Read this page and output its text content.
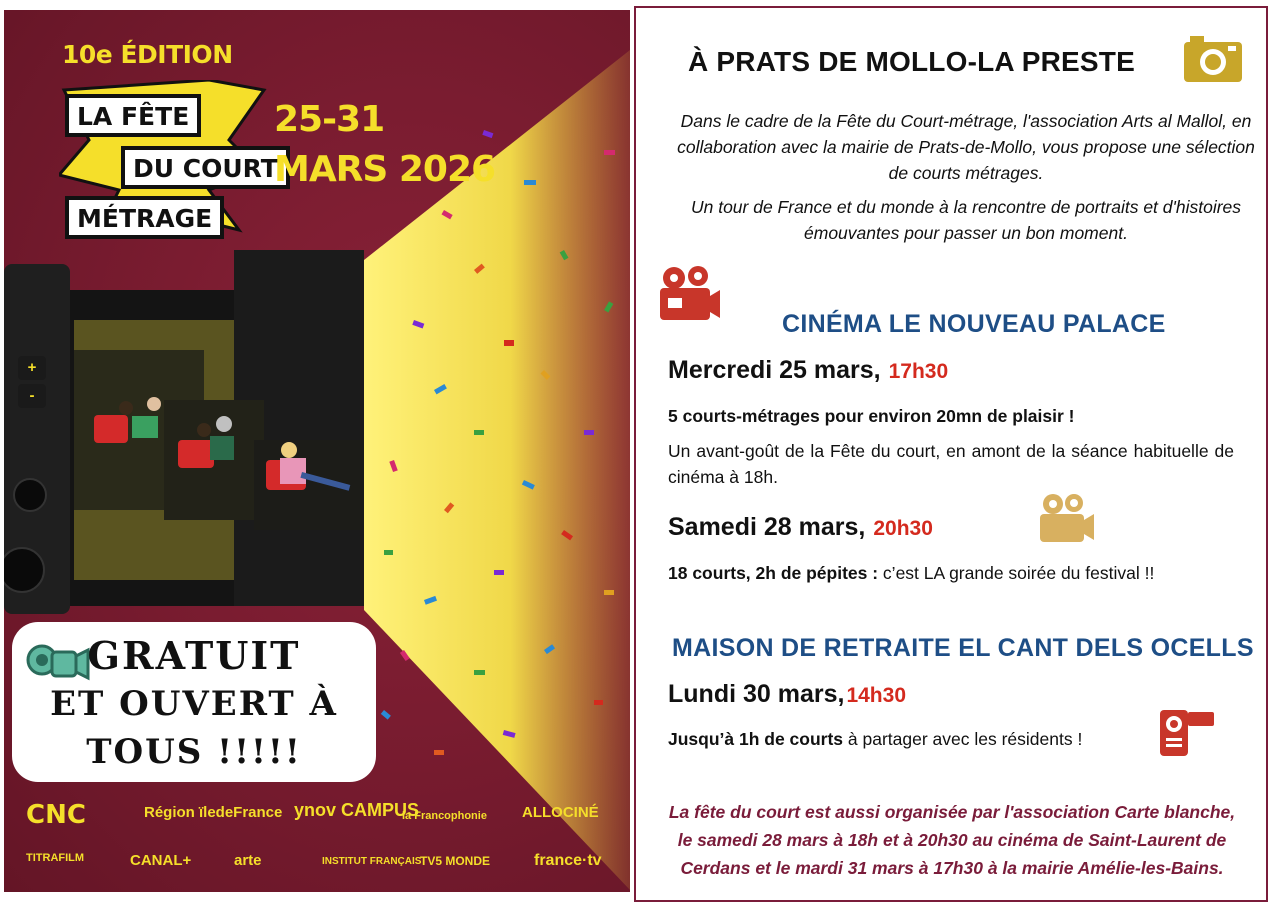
10e ÉDITION
LA FÊTE
DU COURT
MÉTRAGE
25-31
MARS 2026
+
-
GRATUIT
ET OUVERT À
TOUS !!!!!
CNC	Région ïledeFrance ynov CAMPUS
la Francophonie ALLOCINÉ
TITRAFILM	CANAL+	arte	INSTITUT FRANÇAIS
TV5 MONDE	france·tv
À PRATS DE MOLLO-LA PRESTE

Dans le cadre de la Fête du Court-métrage, l'association Arts al Mallol, en collaboration avec la mairie de Prats-de-Mollo, vous propose une sélection de courts métrages.

Un tour de France et du monde à la rencontre de portraits et d'histoires émouvantes pour passer un bon moment.

CINÉMA LE NOUVEAU PALACE
Mercredi 25 mars, 17h30
5 courts-métrages pour environ 20mn de plaisir !
Un avant-goût de la Fête du court, en amont de la séance habituelle de cinéma à 18h.
Samedi 28 mars, 20h30
18 courts, 2h de pépites : c’est LA grande soirée du festival !!
MAISON DE RETRAITE EL CANT DELS OCELLS
Lundi 30 mars,14h30
Jusqu’à 1h de courts à partager avec les résidents !
La fête du court est aussi organisée par l'association Carte blanche,
le samedi 28 mars à 18h et à 20h30 au cinéma de Saint-Laurent de
Cerdans et le mardi 31 mars à 17h30 à la mairie Amélie-les-Bains.
